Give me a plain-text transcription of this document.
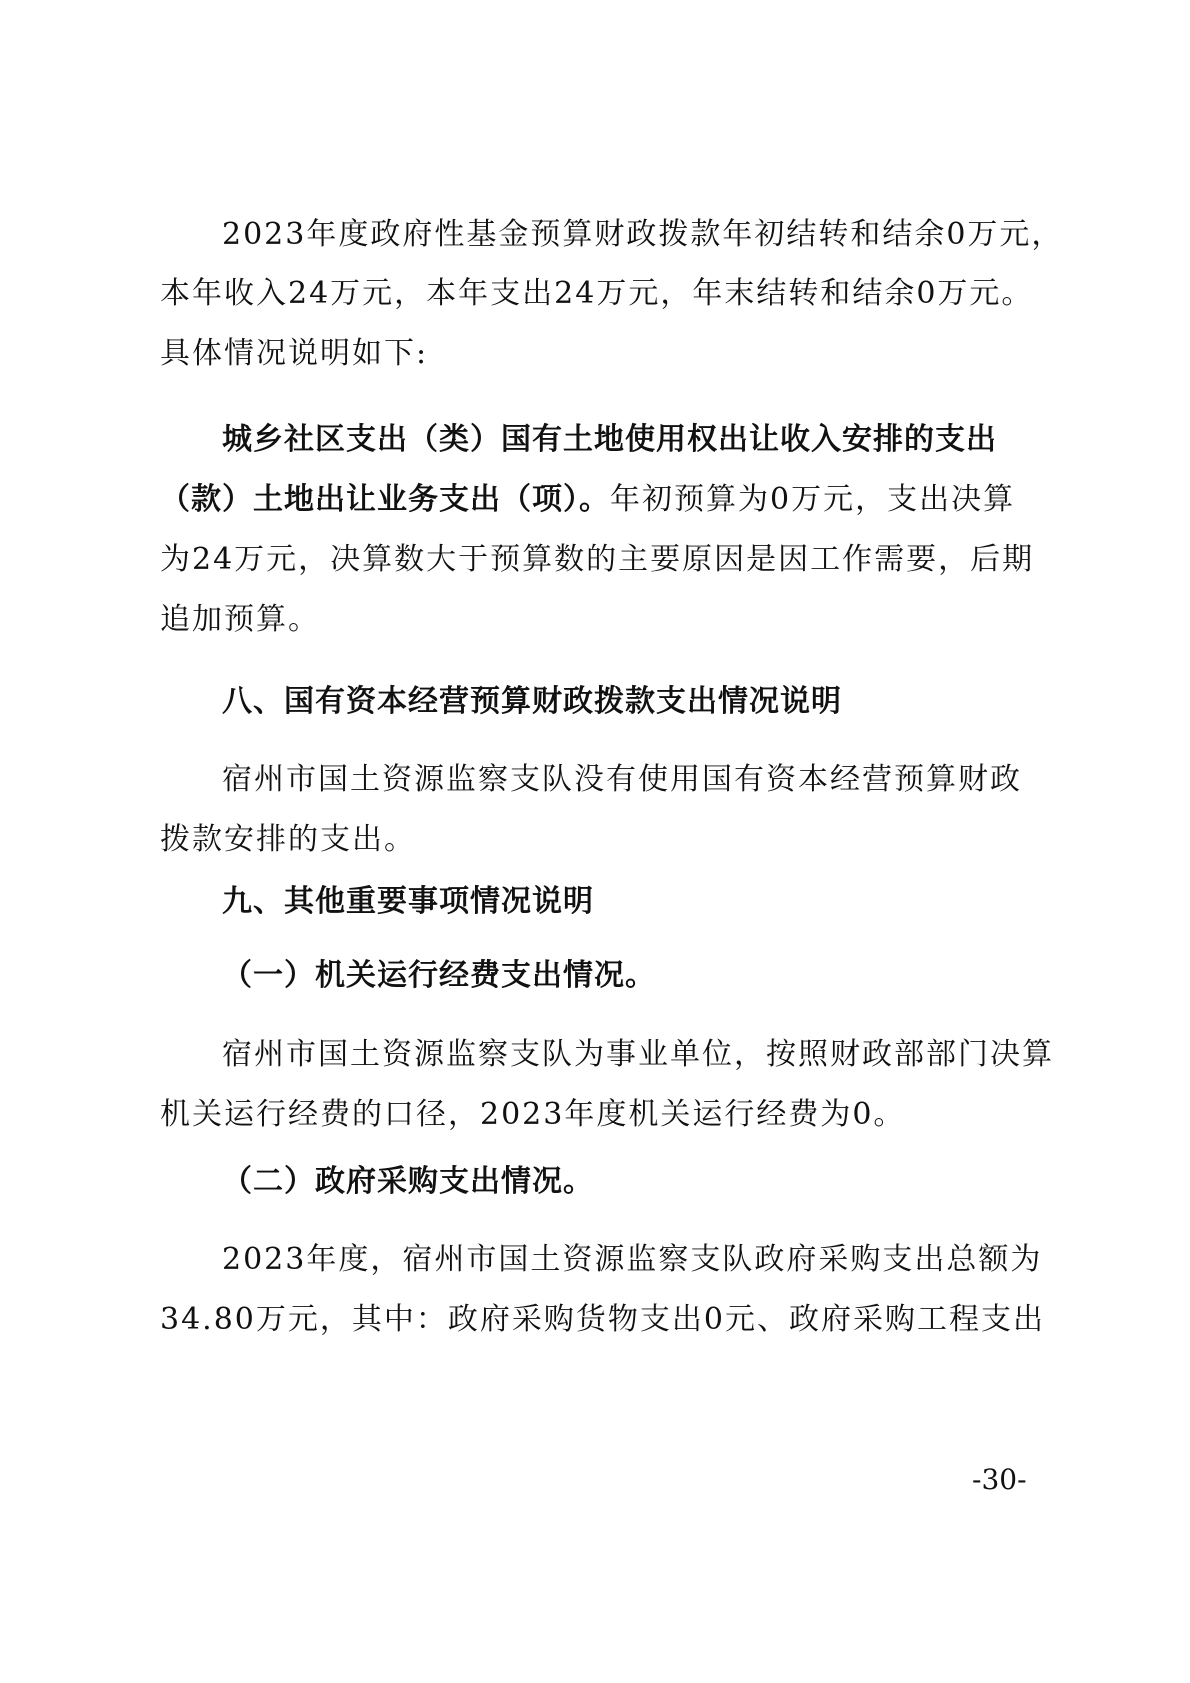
2023年度政府性基金预算财政拨款年初结转和结余0万元，
本年收入24万元，本年支出24万元，年末结转和结余0万元。
具体情况说明如下:
城乡社区支出（类）国有土地使用权出让收入安排的支出
（款）土地出让业务支出（项）。年初预算为0万元，支出决算
为24万元，决算数大于预算数的主要原因是因工作需要，后期
追加预算。
八、国有资本经营预算财政拨款支出情况说明
宿州市国土资源监察支队没有使用国有资本经营预算财政
拨款安排的支出。
九、其他重要事项情况说明
（一）机关运行经费支出情况。
宿州市国土资源监察支队为事业单位，按照财政部部门决算
机关运行经费的口径，2023年度机关运行经费为0。
（二）政府采购支出情况。
2023年度，宿州市国土资源监察支队政府采购支出总额为
34.80万元，其中：政府采购货物支出0元、政府采购工程支出
-30-
